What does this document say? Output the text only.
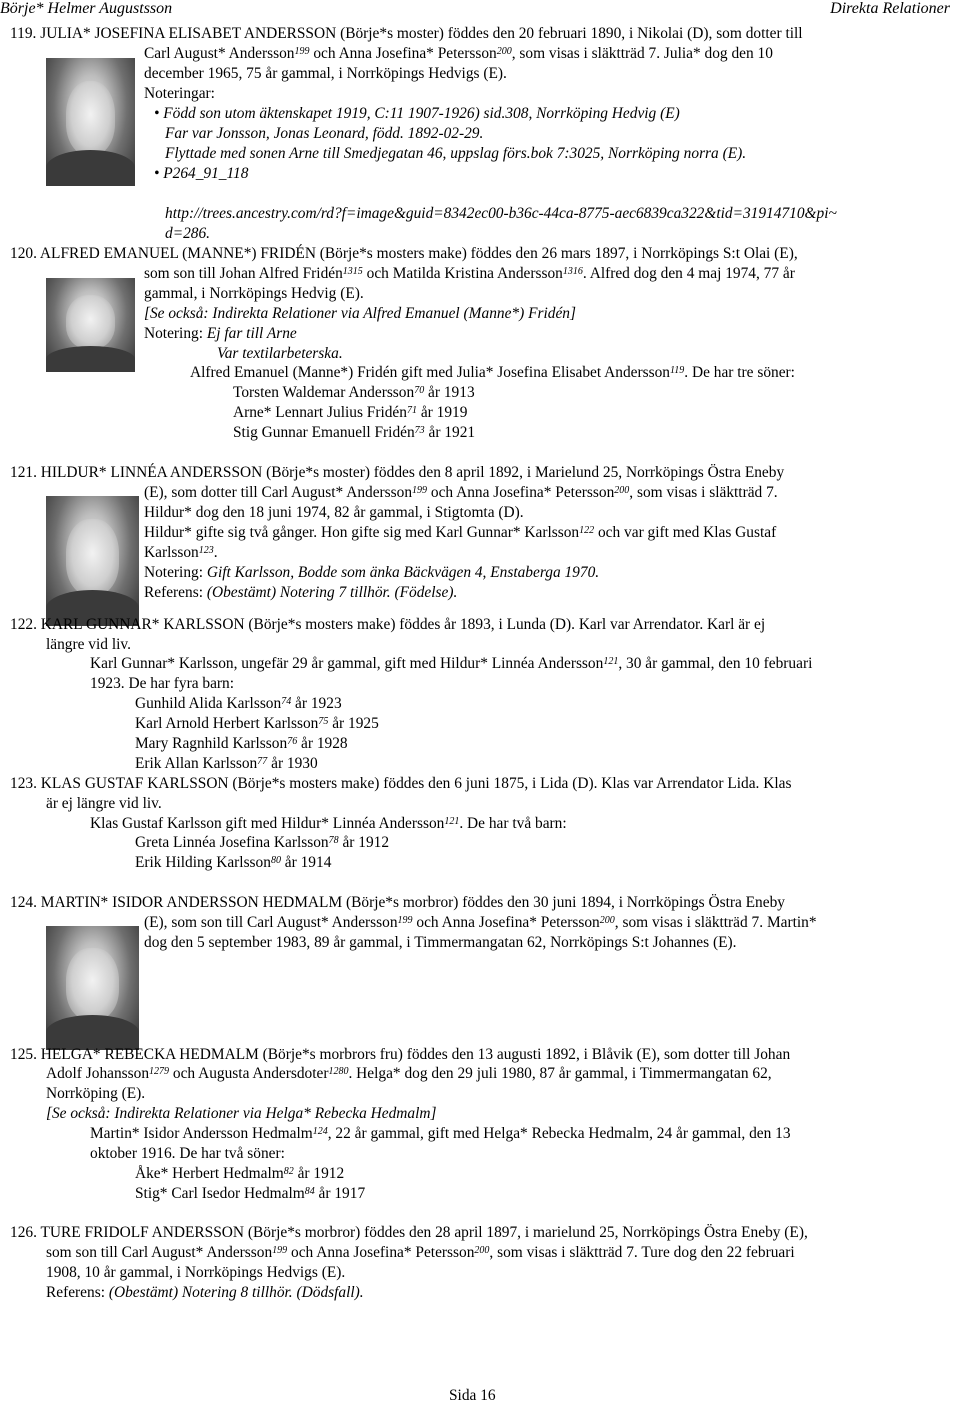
Börje* Helmer Augustsson	Direkta Relationer
119. JULIA* JOSEFINA ELISABET ANDERSSON (Börje*s moster) föddes den 20 februari 1890, i Nikolai (D), som dotter till
Carl August* Andersson$^{199}$ och Anna Josefina* Petersson$^{200}$, som visas i släktträd 7. Julia* dog den 10
december 1965, 75 år gammal, i Norrköpings Hedvigs (E).
Noteringar:
• Född son utom äktenskapet 1919, C:11 1907-1926) sid.308, Norrköping Hedvig (E)
Far var Jonsson, Jonas Leonard, född. 1892-02-29.
Flyttade med sonen Arne till Smedjegatan 46, uppslag förs.bok 7:3025, Norrköping norra (E).
• P264_91_118
http://trees.ancestry.com/rd?f=image&guid=8342ec00-b36c-44ca-8775-aec6839ca322&tid=31914710&pi~
d=286.
120. ALFRED EMANUEL (MANNE*) FRIDÉN (Börje*s mosters make) föddes den 26 mars 1897, i Norrköpings S:t Olai (E),
som son till Johan Alfred Fridén$^{1315}$ och Matilda Kristina Andersson$^{1316}$. Alfred dog den 4 maj 1974, 77 år
gammal, i Norrköpings Hedvig (E).
[Se också: Indirekta Relationer via Alfred Emanuel (Manne*) Fridén]
Notering: Ej far till Arne
Var textilarbeterska.
Alfred Emanuel (Manne*) Fridén gift med Julia* Josefina Elisabet Andersson$^{119}$. De har tre söner:
Torsten Waldemar Andersson$^{70}$ år 1913
Arne* Lennart Julius Fridén$^{71}$ år 1919
Stig Gunnar Emanuell Fridén$^{73}$ år 1921
121. HILDUR* LINNÉA ANDERSSON (Börje*s moster) föddes den 8 april 1892, i Marielund 25, Norrköpings Östra Eneby
(E), som dotter till Carl August* Andersson$^{199}$ och Anna Josefina* Petersson$^{200}$, som visas i släktträd 7.
Hildur* dog den 18 juni 1974, 82 år gammal, i Stigtomta (D).
Hildur* gifte sig två gånger. Hon gifte sig med Karl Gunnar* Karlsson$^{122}$ och var gift med Klas Gustaf
Karlsson$^{123}$.
Notering: Gift Karlsson, Bodde som änka Bäckvägen 4, Enstaberga 1970.
Referens: (Obestämt) Notering 7 tillhör. (Födelse).
122. KARL GUNNAR* KARLSSON (Börje*s mosters make) föddes år 1893, i Lunda (D). Karl var Arrendator. Karl är ej
längre vid liv.
Karl Gunnar* Karlsson, ungefär 29 år gammal, gift med Hildur* Linnéa Andersson$^{121}$, 30 år gammal, den 10 februari
1923. De har fyra barn:
Gunhild Alida Karlsson$^{74}$ år 1923
Karl Arnold Herbert Karlsson$^{75}$ år 1925
Mary Ragnhild Karlsson$^{76}$ år 1928
Erik Allan Karlsson$^{77}$ år 1930
123. KLAS GUSTAF KARLSSON (Börje*s mosters make) föddes den 6 juni 1875, i Lida (D). Klas var Arrendator Lida. Klas
är ej längre vid liv.
Klas Gustaf Karlsson gift med Hildur* Linnéa Andersson$^{121}$. De har två barn:
Greta Linnéa Josefina Karlsson$^{78}$ år 1912
Erik Hilding Karlsson$^{80}$ år 1914
124. MARTIN* ISIDOR ANDERSSON HEDMALM (Börje*s morbror) föddes den 30 juni 1894, i Norrköpings Östra Eneby
(E), som son till Carl August* Andersson$^{199}$ och Anna Josefina* Petersson$^{200}$, som visas i släktträd 7. Martin*
dog den 5 september 1983, 89 år gammal, i Timmermangatan 62, Norrköpings S:t Johannes (E).
125. HELGA* REBECKA HEDMALM (Börje*s morbrors fru) föddes den 13 augusti 1892, i Blåvik (E), som dotter till Johan
Adolf Johansson$^{1279}$ och Augusta Andersdoter$^{1280}$. Helga* dog den 29 juli 1980, 87 år gammal, i Timmermangatan 62,
Norrköping (E).
[Se också: Indirekta Relationer via Helga* Rebecka Hedmalm]
Martin* Isidor Andersson Hedmalm$^{124}$, 22 år gammal, gift med Helga* Rebecka Hedmalm, 24 år gammal, den 13
oktober 1916. De har två söner:
Åke* Herbert Hedmalm$^{82}$ år 1912
Stig* Carl Isedor Hedmalm$^{84}$ år 1917
126. TURE FRIDOLF ANDERSSON (Börje*s morbror) föddes den 28 april 1897, i marielund 25, Norrköpings Östra Eneby (E),
som son till Carl August* Andersson$^{199}$ och Anna Josefina* Petersson$^{200}$, som visas i släktträd 7. Ture dog den 22 februari
1908, 10 år gammal, i Norrköpings Hedvigs (E).
Referens: (Obestämt) Notering 8 tillhör. (Dödsfall).
Sida 16
